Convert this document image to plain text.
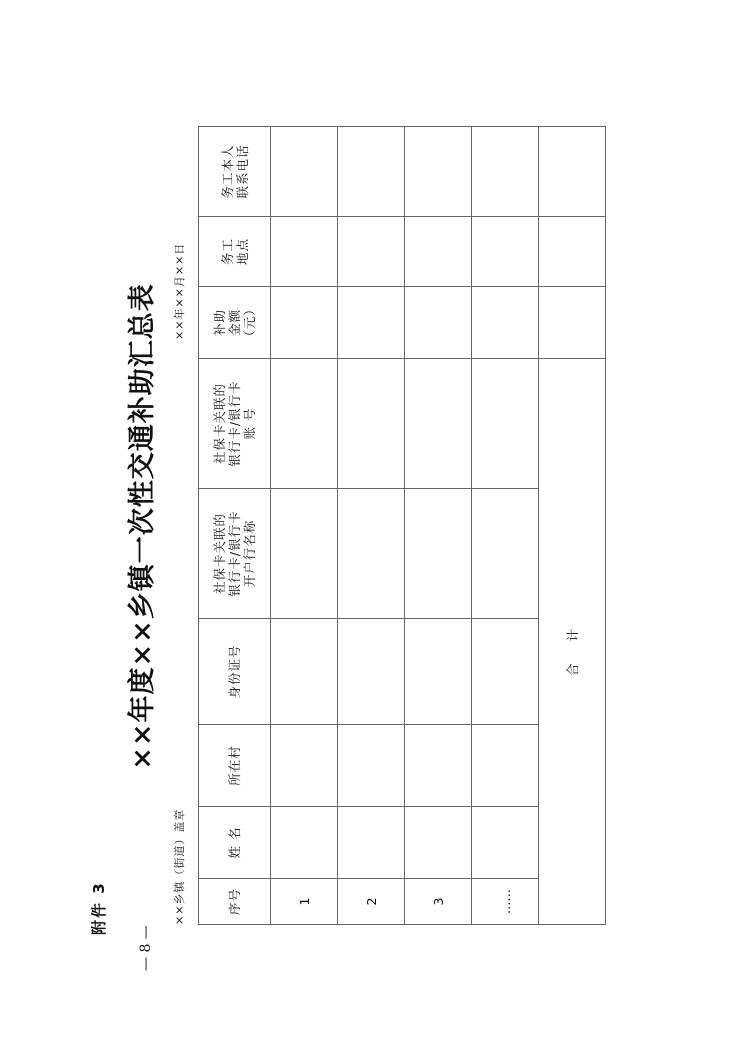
— 8 —
附件 3
××年度××乡镇一次性交通补助汇总表
××乡镇（街道）盖章
××年××月××日
序号	姓 名	所在村	身份证号	社保卡关联的
银行卡/银行卡
开户行名称	社保卡关联的
银行卡/银行卡
账 号	补助
金额
（元）	务工
地点	务工本人
联系电话
1								
2								
3								
……								
合计								
